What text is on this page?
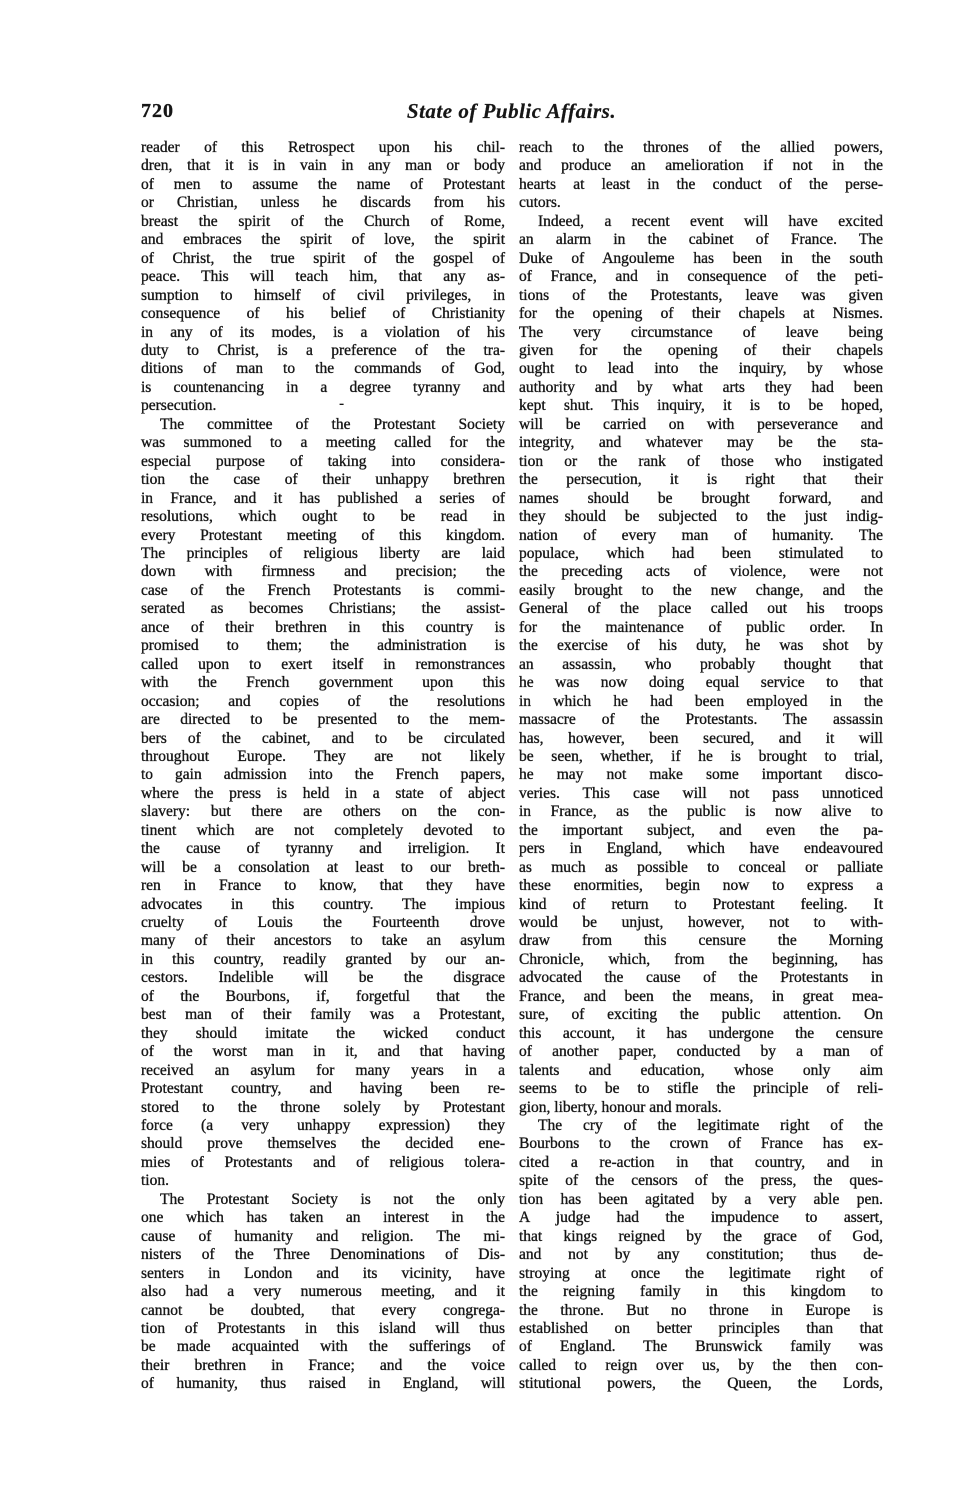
720	State of Public Affairs.
-
reader of this Retrospect upon his chil-
dren, that it is in vain in any man or body
of men to assume the name of Protestant
or Christian, unless he discards from his
breast the spirit of the Church of Rome,
and embraces the spirit of love, the spirit
of Christ, the true spirit of the gospel of
peace. This will teach him, that any as-
sumption to himself of civil privileges, in
consequence of his belief of Christianity
in any of its modes, is a violation of his
duty to Christ, is a preference of the tra-
ditions of man to the commands of God,
is countenancing in a degree tyranny and
persecution.
The committee of the Protestant Society
was summoned to a meeting called for the
especial purpose of taking into considera-
tion the case of their unhappy brethren
in France, and it has published a series of
resolutions, which ought to be read in
every Protestant meeting of this kingdom.
The principles of religious liberty are laid
down with firmness and precision; the
case of the French Protestants is commi-
serated as becomes Christians; the assist-
ance of their brethren in this country is
promised to them; the administration is
called upon to exert itself in remonstrances
with the French government upon this
occasion; and copies of the resolutions
are directed to be presented to the mem-
bers of the cabinet, and to be circulated
throughout Europe. They are not likely
to gain admission into the French papers,
where the press is held in a state of abject
slavery: but there are others on the con-
tinent which are not completely devoted to
the cause of tyranny and irreligion. It
will be a consolation at least to our breth-
ren in France to know, that they have
advocates in this country. The impious
cruelty of Louis the Fourteenth drove
many of their ancestors to take an asylum
in this country, readily granted by our an-
cestors. Indelible will be the disgrace
of the Bourbons, if, forgetful that the
best man of their family was a Protestant,
they should imitate the wicked conduct
of the worst man in it, and that having
received an asylum for many years in a
Protestant country, and having been re-
stored to the throne solely by Protestant
force (a very unhappy expression) they
should prove themselves the decided ene-
mies of Protestants and of religious tolera-
tion.
The Protestant Society is not the only
one which has taken an interest in the
cause of humanity and religion. The mi-
nisters of the Three Denominations of Dis-
senters in London and its vicinity, have
also had a very numerous meeting, and it
cannot be doubted, that every congrega-
tion of Protestants in this island will thus
be made acquainted with the sufferings of
their brethren in France; and the voice
of humanity, thus raised in England, will
reach to the thrones of the allied powers,
and produce an amelioration if not in the
hearts at least in the conduct of the perse-
cutors.
Indeed, a recent event will have excited
an alarm in the cabinet of France. The
Duke of Angouleme has been in the south
of France, and in consequence of the peti-
tions of the Protestants, leave was given
for the opening of their chapels at Nismes.
The very circumstance of leave being
given for the opening of their chapels
ought to lead into the inquiry, by whose
authority and by what arts they had been
kept shut. This inquiry, it is to be hoped,
will be carried on with perseverance and
integrity, and whatever may be the sta-
tion or the rank of those who instigated
the persecution, it is right that their
names should be brought forward, and
they should be subjected to the just indig-
nation of every man of humanity. The
populace, which had been stimulated to
the preceding acts of violence, were not
easily brought to the new change, and the
General of the place called out his troops
for the maintenance of public order. In
the exercise of his duty, he was shot by
an assassin, who probably thought that
he was now doing equal service to that
in which he had been employed in the
massacre of the Protestants. The assassin
has, however, been secured, and it will
be seen, whether, if he is brought to trial,
he may not make some important disco-
veries. This case will not pass unnoticed
in France, as the public is now alive to
the important subject, and even the pa-
pers in England, which have endeavoured
as much as possible to conceal or palliate
these enormities, begin now to express a
kind of return to Protestant feeling. It
would be unjust, however, not to with-
draw from this censure the Morning
Chronicle, which, from the beginning, has
advocated the cause of the Protestants in
France, and been the means, in great mea-
sure, of exciting the public attention. On
this account, it has undergone the censure
of another paper, conducted by a man of
talents and education, whose only aim
seems to be to stifle the principle of reli-
gion, liberty, honour and morals.
The cry of the legitimate right of the
Bourbons to the crown of France has ex-
cited a re-action in that country, and in
spite of the censors of the press, the ques-
tion has been agitated by a very able pen.
A judge had the impudence to assert,
that kings reigned by the grace of God,
and not by any constitution; thus de-
stroying at once the legitimate right of
the reigning family in this kingdom to
the throne. But no throne in Europe is
established on better principles than that
of England. The Brunswick family was
called to reign over us, by the then con-
stitutional powers, the Queen, the Lords,
